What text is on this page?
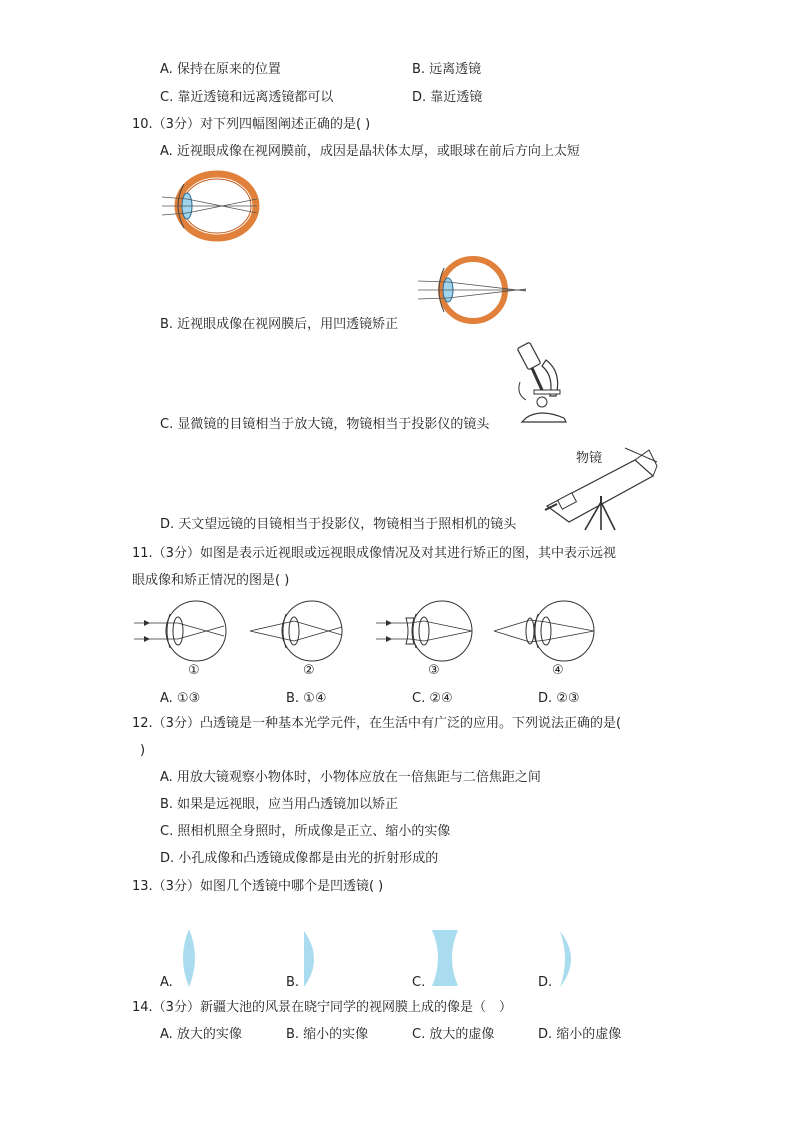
A. 保持在原来的位置	B. 远离透镜
C. 靠近透镜和远离透镜都可以	D. 靠近透镜
10.（3分）对下列四幅图阐述正确的是( )
A. 近视眼成像在视网膜前，成因是晶状体太厚，或眼球在前后方向上太短
B. 近视眼成像在视网膜后，用凹透镜矫正
C. 显微镜的目镜相当于放大镜，物镜相当于投影仪的镜头
物镜
D. 天文望远镜的目镜相当于投影仪，物镜相当于照相机的镜头
11.（3分）如图是表示近视眼或远视眼成像情况及对其进行矫正的图，其中表示远视
眼成像和矫正情况的图是( )
①	②	③	④
A. ①③	B. ①④	C. ②④	D. ②③
12.（3分）凸透镜是一种基本光学元件，在生活中有广泛的应用。下列说法正确的是(
)
A. 用放大镜观察小物体时，小物体应放在一倍焦距与二倍焦距之间
B. 如果是远视眼，应当用凸透镜加以矫正
C. 照相机照全身照时，所成像是正立、缩小的实像
D. 小孔成像和凸透镜成像都是由光的折射形成的
13.（3分）如图几个透镜中哪个是凹透镜( )
A.	B.	C.	D.
14.（3分）新疆大池的风景在晓宁同学的视网膜上成的像是（　）
A. 放大的实像	B. 缩小的实像	C. 放大的虚像	D. 缩小的虚像
